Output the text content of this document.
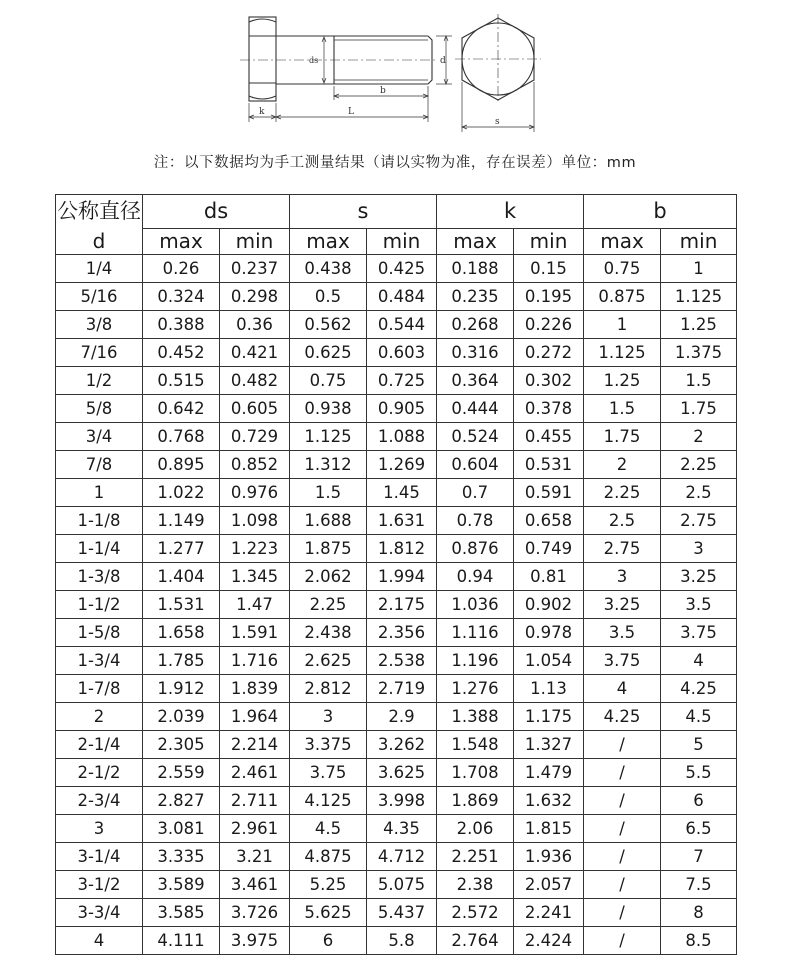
ds
b
k	L
d
s
注：以下数据均为手工测量结果（请以实物为准，存在误差）单位：mm
公称直径	ds		s		k		b	
d	max	min	max	min	max	min	max	min
1/4	0.26	0.237	0.438	0.425	0.188	0.15	0.75	1
5/16	0.324	0.298	0.5	0.484	0.235	0.195	0.875	1.125
3/8	0.388	0.36	0.562	0.544	0.268	0.226	1	1.25
7/16	0.452	0.421	0.625	0.603	0.316	0.272	1.125	1.375
1/2	0.515	0.482	0.75	0.725	0.364	0.302	1.25	1.5
5/8	0.642	0.605	0.938	0.905	0.444	0.378	1.5	1.75
3/4	0.768	0.729	1.125	1.088	0.524	0.455	1.75	2
7/8	0.895	0.852	1.312	1.269	0.604	0.531	2	2.25
1	1.022	0.976	1.5	1.45	0.7	0.591	2.25	2.5
1-1/8	1.149	1.098	1.688	1.631	0.78	0.658	2.5	2.75
1-1/4	1.277	1.223	1.875	1.812	0.876	0.749	2.75	3
1-3/8	1.404	1.345	2.062	1.994	0.94	0.81	3	3.25
1-1/2	1.531	1.47	2.25	2.175	1.036	0.902	3.25	3.5
1-5/8	1.658	1.591	2.438	2.356	1.116	0.978	3.5	3.75
1-3/4	1.785	1.716	2.625	2.538	1.196	1.054	3.75	4
1-7/8	1.912	1.839	2.812	2.719	1.276	1.13	4	4.25
2	2.039	1.964	3	2.9	1.388	1.175	4.25	4.5
2-1/4	2.305	2.214	3.375	3.262	1.548	1.327	/	5
2-1/2	2.559	2.461	3.75	3.625	1.708	1.479	/	5.5
2-3/4	2.827	2.711	4.125	3.998	1.869	1.632	/	6
3	3.081	2.961	4.5	4.35	2.06	1.815	/	6.5
3-1/4	3.335	3.21	4.875	4.712	2.251	1.936	/	7
3-1/2	3.589	3.461	5.25	5.075	2.38	2.057	/	7.5
3-3/4	3.585	3.726	5.625	5.437	2.572	2.241	/	8
4	4.111	3.975	6	5.8	2.764	2.424	/	8.5
